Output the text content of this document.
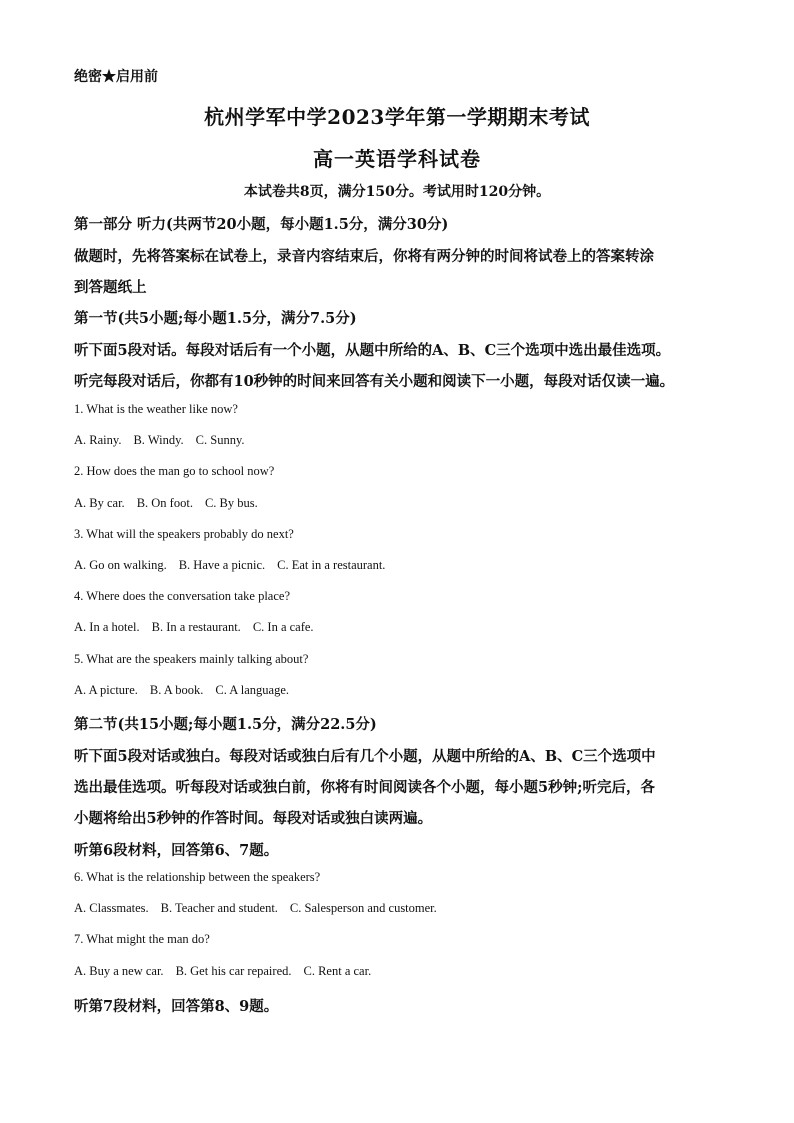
绝密★启用前
杭州学军中学2023学年第一学期期末考试
高一英语学科试卷
本试卷共8页，满分150分。考试用时120分钟。
第一部分 听力(共两节20小题，每小题1.5分，满分30分)
做题时，先将答案标在试卷上，录音内容结束后，你将有两分钟的时间将试卷上的答案转涂
到答题纸上
第一节(共5小题;每小题1.5分，满分7.5分)
听下面5段对话。每段对话后有一个小题，从题中所给的A、B、C三个选项中选出最佳选项。
听完每段对话后，你都有10秒钟的时间来回答有关小题和阅读下一小题，每段对话仅读一遍。
1. What is the weather like now?
A. Rainy. B. Windy. C. Sunny.
2. How does the man go to school now?
A. By car. B. On foot. C. By bus.
3. What will the speakers probably do next?
A. Go on walking. B. Have a picnic. C. Eat in a restaurant.
4. Where does the conversation take place?
A. In a hotel. B. In a restaurant. C. In a cafe.
5. What are the speakers mainly talking about?
A. A picture. B. A book. C. A language.
第二节(共15小题;每小题1.5分，满分22.5分)
听下面5段对话或独白。每段对话或独白后有几个小题，从题中所给的A、B、C三个选项中
选出最佳选项。听每段对话或独白前，你将有时间阅读各个小题，每小题5秒钟;听完后，各
小题将给出5秒钟的作答时间。每段对话或独白读两遍。
听第6段材料，回答第6、7题。
6. What is the relationship between the speakers?
A. Classmates. B. Teacher and student. C. Salesperson and customer.
7. What might the man do?
A. Buy a new car. B. Get his car repaired. C. Rent a car.
听第7段材料，回答第8、9题。
